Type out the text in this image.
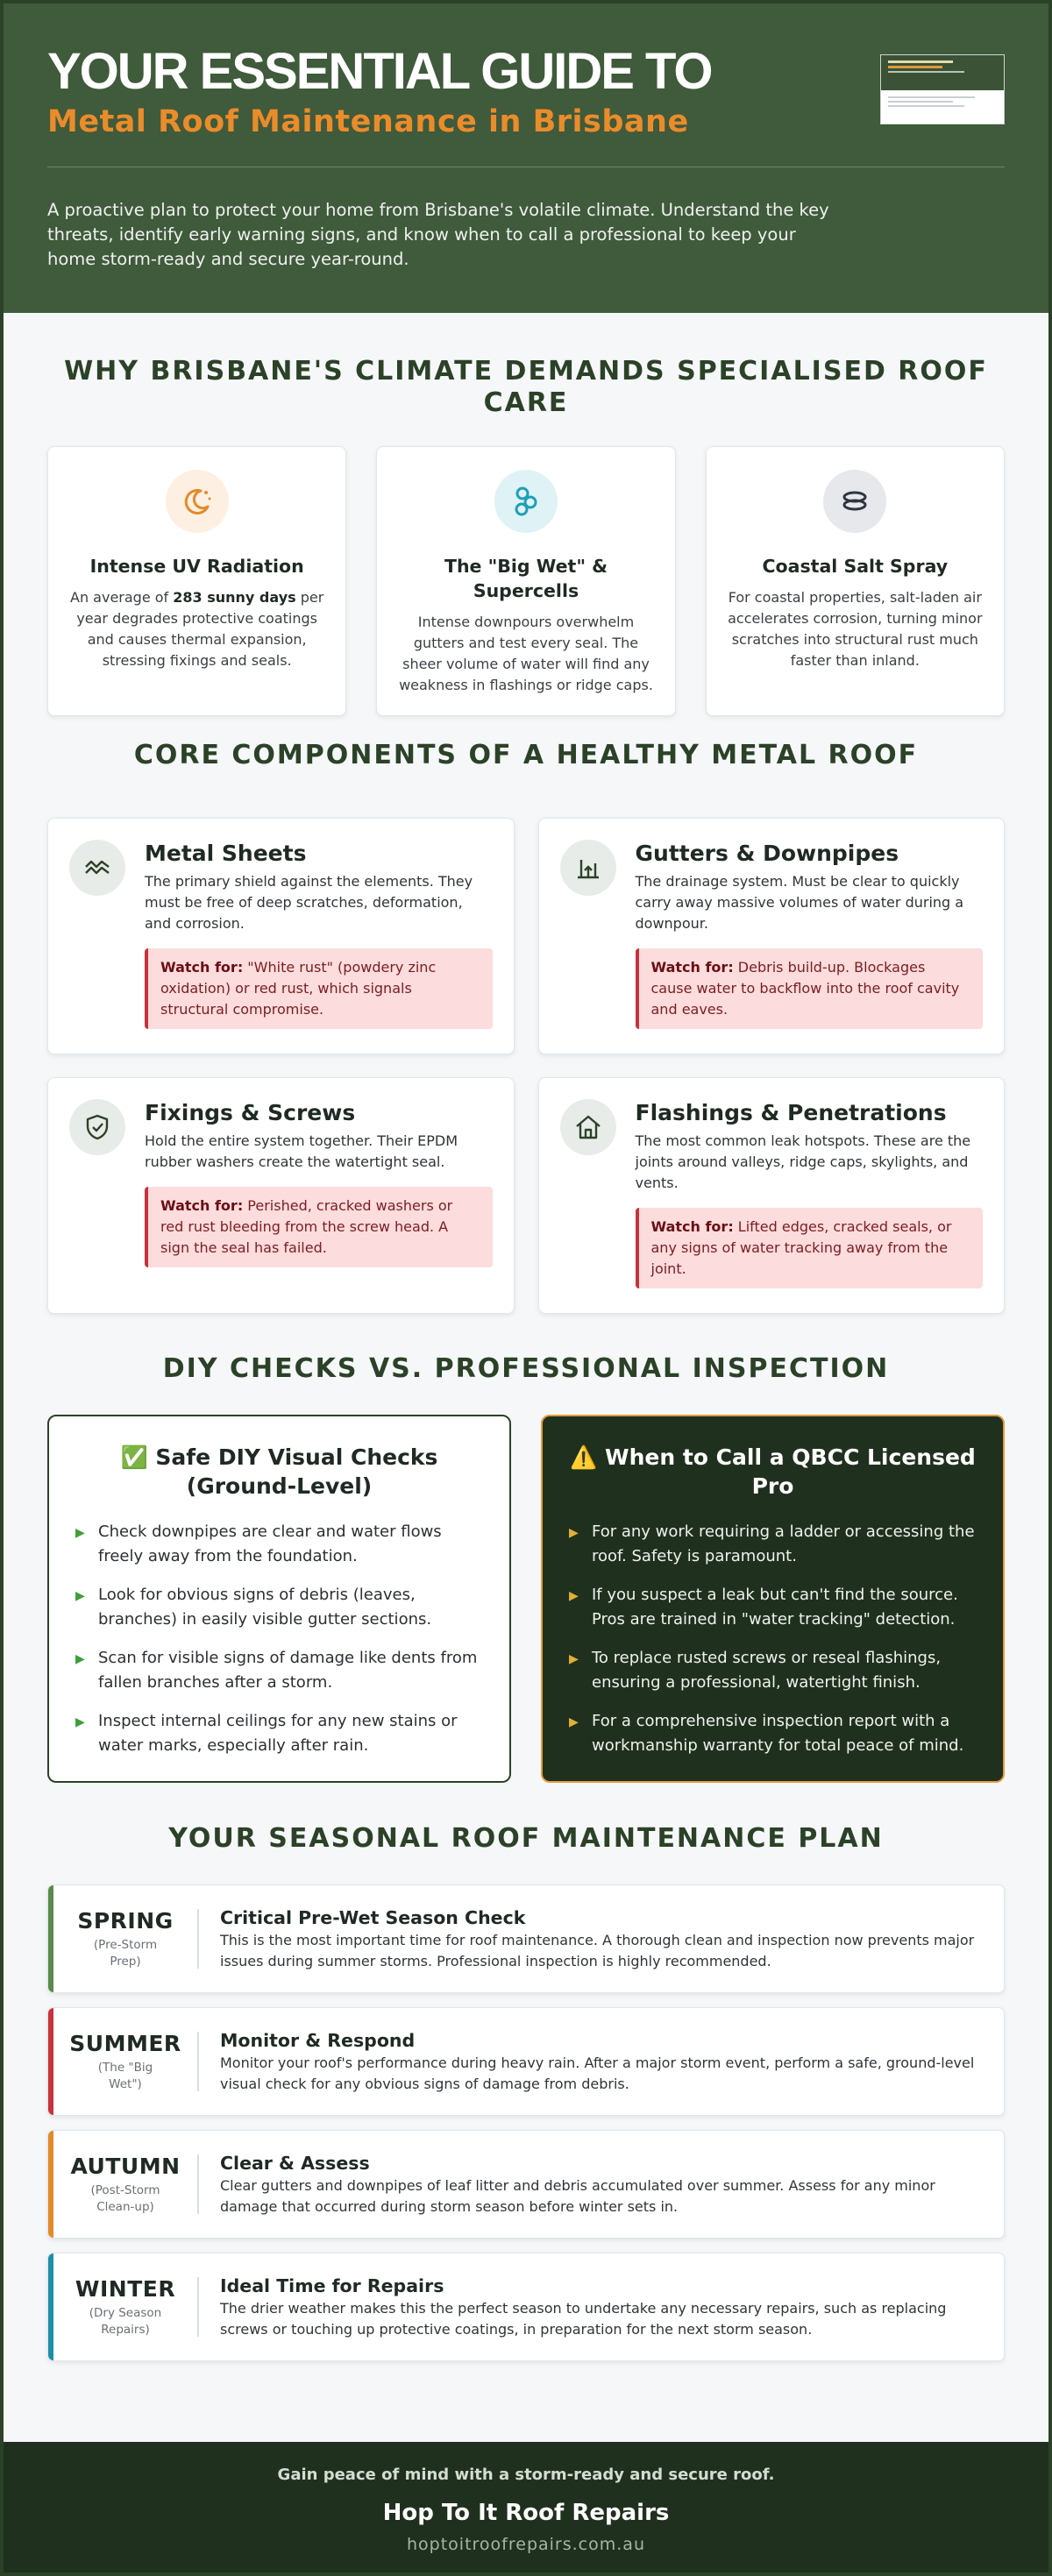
YOUR ESSENTIAL GUIDE TO
Metal Roof Maintenance in Brisbane

A proactive plan to protect your home from Brisbane's volatile climate. Understand the key threats, identify early warning signs, and know when to call a professional to keep your home storm-ready and secure year-round.

WHY BRISBANE'S CLIMATE DEMANDS SPECIALISED ROOF CARE
Intense UV Radiation

An average of 283 sunny days per year degrades protective coatings and causes thermal expansion, stressing fixings and seals.

The "Big Wet" & Supercells

Intense downpours overwhelm gutters and test every seal. The sheer volume of water will find any weakness in flashings or ridge caps.

Coastal Salt Spray

For coastal properties, salt-laden air accelerates corrosion, turning minor scratches into structural rust much faster than inland.

CORE COMPONENTS OF A HEALTHY METAL ROOF
Metal Sheets

The primary shield against the elements. They must be free of deep scratches, deformation, and corrosion.

Watch for: "White rust" (powdery zinc oxidation) or red rust, which signals structural compromise.
Gutters & Downpipes

The drainage system. Must be clear to quickly carry away massive volumes of water during a downpour.

Watch for: Debris build-up. Blockages cause water to backflow into the roof cavity and eaves.
Fixings & Screws

Hold the entire system together. Their EPDM rubber washers create the watertight seal.

Watch for: Perished, cracked washers or red rust bleeding from the screw head. A sign the seal has failed.
Flashings & Penetrations

The most common leak hotspots. These are the joints around valleys, ridge caps, skylights, and vents.

Watch for: Lifted edges, cracked seals, or any signs of water tracking away from the joint.
DIY CHECKS VS. PROFESSIONAL INSPECTION
✅ Safe DIY Visual Checks (Ground-Level)
▶ Check downpipes are clear and water flows freely away from the foundation.
▶ Look for obvious signs of debris (leaves, branches) in easily visible gutter sections.
▶ Scan for visible signs of damage like dents from fallen branches after a storm.
▶ Inspect internal ceilings for any new stains or water marks, especially after rain.
⚠️ When to Call a QBCC Licensed Pro
▶ For any work requiring a ladder or accessing the roof. Safety is paramount.
▶ If you suspect a leak but can't find the source. Pros are trained in "water tracking" detection.
▶ To replace rusted screws or reseal flashings, ensuring a professional, watertight finish.
▶ For a comprehensive inspection report with a workmanship warranty for total peace of mind.
YOUR SEASONAL ROOF MAINTENANCE PLAN
SPRING
(Pre-Storm Prep)
Critical Pre-Wet Season Check

This is the most important time for roof maintenance. A thorough clean and inspection now prevents major issues during summer storms. Professional inspection is highly recommended.

SUMMER
(The "Big Wet")
Monitor & Respond

Monitor your roof's performance during heavy rain. After a major storm event, perform a safe, ground-level visual check for any obvious signs of damage from debris.

AUTUMN
(Post-Storm Clean-up)
Clear & Assess

Clear gutters and downpipes of leaf litter and debris accumulated over summer. Assess for any minor damage that occurred during storm season before winter sets in.

WINTER
(Dry Season Repairs)
Ideal Time for Repairs

The drier weather makes this the perfect season to undertake any necessary repairs, such as replacing screws or touching up protective coatings, in preparation for the next storm season.

Gain peace of mind with a storm-ready and secure roof.
Hop To It Roof Repairs
hoptoitroofrepairs.com.au
